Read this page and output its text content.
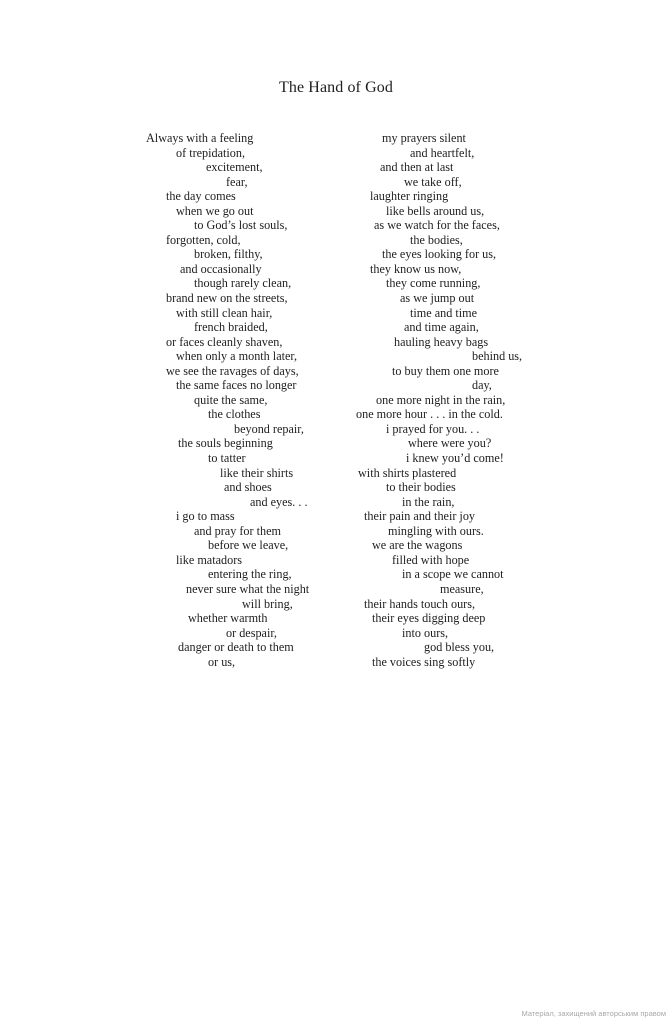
The Hand of God
Always with a feeling
of trepidation,
excitement,
fear,
the day comes
when we go out
to God’s lost souls,
forgotten, cold,
broken, filthy,
and occasionally
though rarely clean,
brand new on the streets,
with still clean hair,
french braided,
or faces cleanly shaven,
when only a month later,
we see the ravages of days,
the same faces no longer
quite the same,
the clothes
beyond repair,
the souls beginning
to tatter
like their shirts
and shoes
and eyes. . .
i go to mass
and pray for them
before we leave,
like matadors
entering the ring,
never sure what the night
will bring,
whether warmth
or despair,
danger or death to them
or us,
my prayers silent
and heartfelt,
and then at last
we take off,
laughter ringing
like bells around us,
as we watch for the faces,
the bodies,
the eyes looking for us,
they know us now,
they come running,
as we jump out
time and time
and time again,
hauling heavy bags
behind us,
to buy them one more
day,
one more night in the rain,
one more hour . . . in the cold.
i prayed for you. . .
where were you?
i knew you’d come!
with shirts plastered
to their bodies
in the rain,
their pain and their joy
mingling with ours.
we are the wagons
filled with hope
in a scope we cannot
measure,
their hands touch ours,
their eyes digging deep
into ours,
god bless you,
the voices sing softly
Матеріал, захищений авторським правом
